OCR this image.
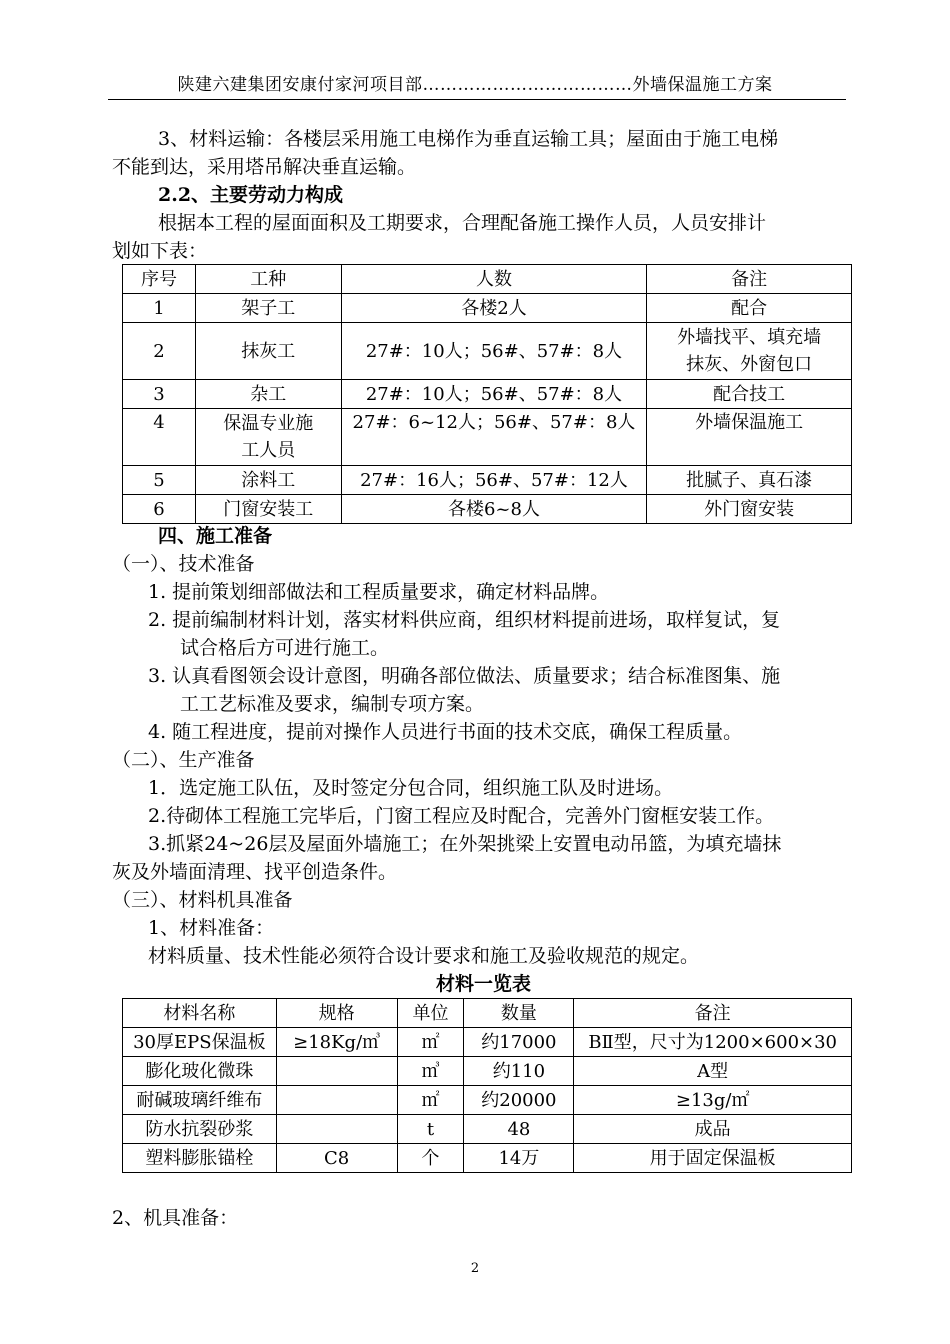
陕建六建集团安康付家河项目部………………………………外墙保温施工方案
3、材料运输：各楼层采用施工电梯作为垂直运输工具；屋面由于施工电梯
不能到达，采用塔吊解决垂直运输。
2.2、主要劳动力构成
根据本工程的屋面面积及工期要求，合理配备施工操作人员，人员安排计
划如下表：
序号	工种	人数	备注
1	架子工	各楼2人	配合
2	抹灰工	27#：10人；56#、57#：8人	外墙找平、填充墙
抹灰、外窗包口

3	杂工	27#：10人；56#、57#：8人	配合技工
4	保温专业施
工人员	27#：6~12人；56#、57#：8人	外墙保温施工
5	涂料工	27#：16人；56#、57#：12人	批腻子、真石漆
6	门窗安装工	各楼6~8人	外门窗安装
四、施工准备
（一）、技术准备
1. 提前策划细部做法和工程质量要求，确定材料品牌。
2. 提前编制材料计划，落实材料供应商，组织材料提前进场，取样复试，复
试合格后方可进行施工。
3. 认真看图领会设计意图，明确各部位做法、质量要求；结合标准图集、施
工工艺标准及要求，编制专项方案。
4. 随工程进度，提前对操作人员进行书面的技术交底，确保工程质量。
（二）、生产准备
1．选定施工队伍，及时签定分包合同，组织施工队及时进场。
2.待砌体工程施工完毕后，门窗工程应及时配合，完善外门窗框安装工作。
3.抓紧24~26层及屋面外墙施工；在外架挑梁上安置电动吊篮，为填充墙抹
灰及外墙面清理、找平创造条件。
（三）、材料机具准备
1、材料准备：
材料质量、技术性能必须符合设计要求和施工及验收规范的规定。
材料一览表
材料名称	规格	单位	数量	备注
30厚EPS保温板	≥18Kg/㎥	㎡	约17000	BⅡ型，尺寸为1200×600×30
膨化玻化微珠		㎥	约110	A型
耐碱玻璃纤维布		㎡	约20000	≥13g/㎡
防水抗裂砂浆		t	48	成品
塑料膨胀锚栓	Ⅽ8	个	14万	用于固定保温板
2、机具准备：
2
